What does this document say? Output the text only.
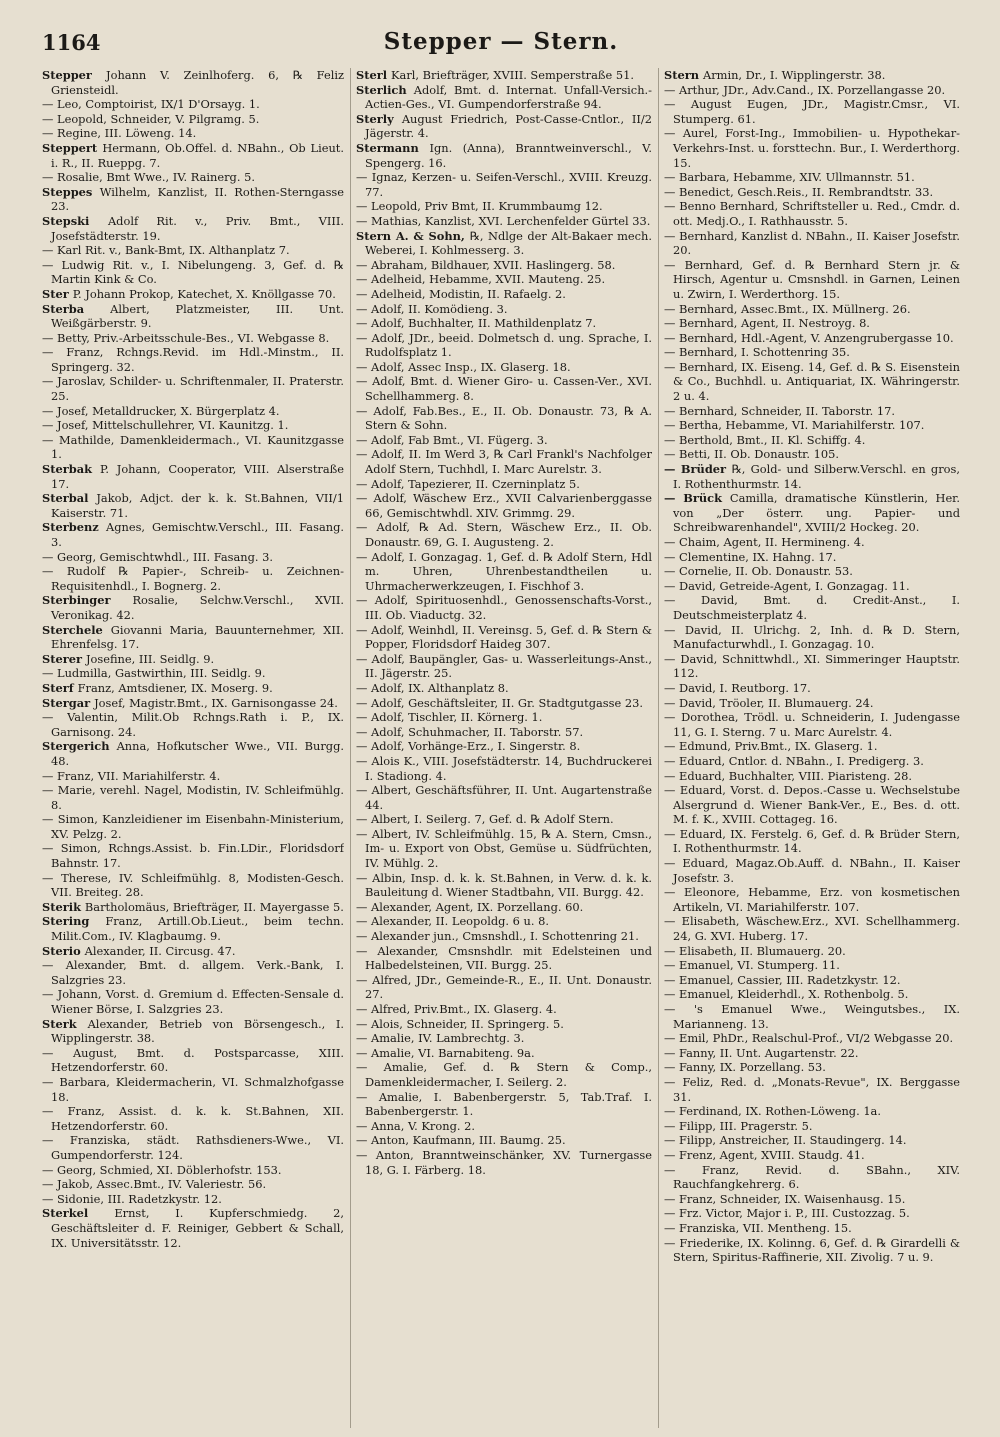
1164	Stepper — Stern.
Stepper Johann V. Zeinlhoferg. 6, ℞ Feliz Griensteidl.
— Leo, Comptoirist, IX/1 D'Orsayg. 1.
— Leopold, Schneider, V. Pilgramg. 5.
— Regine, III. Löweng. 14.
Steppert Hermann, Ob.Offel. d. NBahn., Ob Lieut. i. R., II. Rueppg. 7.
— Rosalie, Bmt Wwe., IV. Rainerg. 5.
Steppes Wilhelm, Kanzlist, II. Rothen-Sterngasse 23.
Stepski Adolf Rit. v., Priv. Bmt., VIII. Josefstädterstr. 19.
— Karl Rit. v., Bank-Bmt, IX. Althanplatz 7.
— Ludwig Rit. v., I. Nibelungeng. 3, Gef. d. ℞ Martin Kink & Co.
Ster P. Johann Prokop, Katechet, X. Knöllgasse 70.
Sterba Albert, Platzmeister, III. Unt. Weißgärberstr. 9.
— Betty, Priv.-Arbeitsschule-Bes., VI. Webgasse 8.
— Franz, Rchngs.Revid. im Hdl.-Minstm., II. Springerg. 32.
— Jaroslav, Schilder- u. Schriftenmaler, II. Praterstr. 25.
— Josef, Metalldrucker, X. Bürgerplatz 4.
— Josef, Mittelschullehrer, VI. Kaunitzg. 1.
— Mathilde, Damenkleidermach., VI. Kaunitzgasse 1.
Sterbak P. Johann, Cooperator, VIII. Alserstraße 17.
Sterbal Jakob, Adjct. der k. k. St.Bahnen, VII/1 Kaiserstr. 71.
Sterbenz Agnes, Gemischtw.Verschl., III. Fasang. 3.
— Georg, Gemischtwhdl., III. Fasang. 3.
— Rudolf ℞ Papier-, Schreib- u. Zeichnen-Requisitenhdl., I. Bognerg. 2.
Sterbinger Rosalie, Selchw.Verschl., XVII. Veronikag. 42.
Sterchele Giovanni Maria, Bauunternehmer, XII. Ehrenfelsg. 17.
Sterer Josefine, III. Seidlg. 9.
— Ludmilla, Gastwirthin, III. Seidlg. 9.
Sterf Franz, Amtsdiener, IX. Moserg. 9.
Stergar Josef, Magistr.Bmt., IX. Garnisongasse 24.
— Valentin, Milit.Ob Rchngs.Rath i. P., IX. Garnisong. 24.
Stergerich Anna, Hofkutscher Wwe., VII. Burgg. 48.
— Franz, VII. Mariahilferstr. 4.
— Marie, verehl. Nagel, Modistin, IV. Schleifmühlg. 8.
— Simon, Kanzleidiener im Eisenbahn-Ministerium, XV. Pelzg. 2.
— Simon, Rchngs.Assist. b. Fin.LDir., Floridsdorf Bahnstr. 17.
— Therese, IV. Schleifmühlg. 8, Modisten-Gesch. VII. Breiteg. 28.
Sterik Bartholomäus, Briefträger, II. Mayergasse 5.
Stering Franz, Artill.Ob.Lieut., beim techn. Milit.Com., IV. Klagbaumg. 9.
Sterio Alexander, II. Circusg. 47.
— Alexander, Bmt. d. allgem. Verk.-Bank, I. Salzgries 23.
— Johann, Vorst. d. Gremium d. Effecten-Sensale d. Wiener Börse, I. Salzgries 23.
Sterk Alexander, Betrieb von Börsengesch., I. Wipplingerstr. 38.
— August, Bmt. d. Postsparcasse, XIII. Hetzendorferstr. 60.
— Barbara, Kleidermacherin, VI. Schmalzhofgasse 18.
— Franz, Assist. d. k. k. St.Bahnen, XII. Hetzendorferstr. 60.
— Franziska, städt. Rathsdieners-Wwe., VI. Gumpendorferstr. 124.
— Georg, Schmied, XI. Döblerhofstr. 153.
— Jakob, Assec.Bmt., IV. Valeriestr. 56.
— Sidonie, III. Radetzkystr. 12.
Sterkel Ernst, I. Kupferschmiedg. 2, Geschäftsleiter d. F. Reiniger, Gebbert & Schall, IX. Universitätsstr. 12.
Sterl Karl, Briefträger, XVIII. Semperstraße 51.
Sterlich Adolf, Bmt. d. Internat. Unfall-Versich.-Actien-Ges., VI. Gumpendorferstraße 94.
Sterly August Friedrich, Post-Casse-Cntlor., II/2 Jägerstr. 4.
Stermann Ign. (Anna), Branntweinverschl., V. Spengerg. 16.
— Ignaz, Kerzen- u. Seifen-Verschl., XVIII. Kreuzg. 77.
— Leopold, Priv Bmt, II. Krummbaumg 12.
— Mathias, Kanzlist, XVI. Lerchenfelder Gürtel 33.
Stern A. & Sohn, ℞, Ndlge der Alt-Bakaer mech. Weberei, I. Kohlmesserg. 3.
— Abraham, Bildhauer, XVII. Haslingerg. 58.
— Adelheid, Hebamme, XVII. Mauteng. 25.
— Adelheid, Modistin, II. Rafaelg. 2.
— Adolf, II. Komödieng. 3.
— Adolf, Buchhalter, II. Mathildenplatz 7.
— Adolf, JDr., beeid. Dolmetsch d. ung. Sprache, I. Rudolfsplatz 1.
— Adolf, Assec Insp., IX. Glaserg. 18.
— Adolf, Bmt. d. Wiener Giro- u. Cassen-Ver., XVI. Schellhammerg. 8.
— Adolf, Fab.Bes., E., II. Ob. Donaustr. 73, ℞ A. Stern & Sohn.
— Adolf, Fab Bmt., VI. Fügerg. 3.
— Adolf, II. Im Werd 3, ℞ Carl Frankl's Nachfolger Adolf Stern, Tuchhdl, I. Marc Aurelstr. 3.
— Adolf, Tapezierer, II. Czerninplatz 5.
— Adolf, Wäschew Erz., XVII Calvarienberggasse 66, Gemischtwhdl. XIV. Grimmg. 29.
— Adolf, ℞ Ad. Stern, Wäschew Erz., II. Ob. Donaustr. 69, G. I. Augusteng. 2.
— Adolf, I. Gonzagag. 1, Gef. d. ℞ Adolf Stern, Hdl m. Uhren, Uhrenbestandtheilen u. Uhrmacherwerkzeugen, I. Fischhof 3.
— Adolf, Spirituosenhdl., Genossenschafts-Vorst., III. Ob. Viaductg. 32.
— Adolf, Weinhdl, II. Vereinsg. 5, Gef. d. ℞ Stern & Popper, Floridsdorf Haideg 307.
— Adolf, Baupängler, Gas- u. Wasserleitungs-Anst., II. Jägerstr. 25.
— Adolf, IX. Althanplatz 8.
— Adolf, Geschäftsleiter, II. Gr. Stadtgutgasse 23.
— Adolf, Tischler, II. Körnerg. 1.
— Adolf, Schuhmacher, II. Taborstr. 57.
— Adolf, Vorhänge-Erz., I. Singerstr. 8.
— Alois K., VIII. Josefstädterstr. 14, Buchdruckerei I. Stadiong. 4.
— Albert, Geschäftsführer, II. Unt. Augartenstraße 44.
— Albert, I. Seilerg. 7, Gef. d. ℞ Adolf Stern.
— Albert, IV. Schleifmühlg. 15, ℞ A. Stern, Cmsn., Im- u. Export von Obst, Gemüse u. Südfrüchten, IV. Mühlg. 2.
— Albin, Insp. d. k. k. St.Bahnen, in Verw. d. k. k. Bauleitung d. Wiener Stadtbahn, VII. Burgg. 42.
— Alexander, Agent, IX. Porzellang. 60.
— Alexander, II. Leopoldg. 6 u. 8.
— Alexander jun., Cmsnshdl., I. Schottenring 21.
— Alexander, Cmsnshdlr. mit Edelsteinen und Halbedelsteinen, VII. Burgg. 25.
— Alfred, JDr., Gemeinde-R., E., II. Unt. Donaustr. 27.
— Alfred, Priv.Bmt., IX. Glaserg. 4.
— Alois, Schneider, II. Springerg. 5.
— Amalie, IV. Lambrechtg. 3.
— Amalie, VI. Barnabiteng. 9a.
— Amalie, Gef. d. ℞ Stern & Comp., Damenkleidermacher, I. Seilerg. 2.
— Amalie, I. Babenbergerstr. 5, Tab.Traf. I. Babenbergerstr. 1.
— Anna, V. Krong. 2.
— Anton, Kaufmann, III. Baumg. 25.
— Anton, Branntweinschänker, XV. Turnergasse 18, G. I. Färberg. 18.
Stern Armin, Dr., I. Wipplingerstr. 38.
— Arthur, JDr., Adv.Cand., IX. Porzellangasse 20.
— August Eugen, JDr., Magistr.Cmsr., VI. Stumperg. 61.
— Aurel, Forst-Ing., Immobilien- u. Hypothekar-Verkehrs-Inst. u. forsttechn. Bur., I. Werderthorg. 15.
— Barbara, Hebamme, XIV. Ullmannstr. 51.
— Benedict, Gesch.Reis., II. Rembrandtstr. 33.
— Benno Bernhard, Schriftsteller u. Red., Cmdr. d. ott. Medj.O., I. Rathhausstr. 5.
— Bernhard, Kanzlist d. NBahn., II. Kaiser Josefstr. 20.
— Bernhard, Gef. d. ℞ Bernhard Stern jr. & Hirsch, Agentur u. Cmsnshdl. in Garnen, Leinen u. Zwirn, I. Werderthorg. 15.
— Bernhard, Assec.Bmt., IX. Müllnerg. 26.
— Bernhard, Agent, II. Nestroyg. 8.
— Bernhard, Hdl.-Agent, V. Anzengrubergasse 10.
— Bernhard, I. Schottenring 35.
— Bernhard, IX. Eiseng. 14, Gef. d. ℞ S. Eisenstein & Co., Buchhdl. u. Antiquariat, IX. Währingerstr. 2 u. 4.
— Bernhard, Schneider, II. Taborstr. 17.
— Bertha, Hebamme, VI. Mariahilferstr. 107.
— Berthold, Bmt., II. Kl. Schiffg. 4.
— Betti, II. Ob. Donaustr. 105.
— Brüder ℞, Gold- und Silberw.Verschl. en gros, I. Rothenthurmstr. 14.
— Brück Camilla, dramatische Künstlerin, Her. von „Der österr. ung. Papier- und Schreibwarenhandel", XVIII/2 Hockeg. 20.
— Chaim, Agent, II. Hermineng. 4.
— Clementine, IX. Hahng. 17.
— Cornelie, II. Ob. Donaustr. 53.
— David, Getreide-Agent, I. Gonzagag. 11.
— David, Bmt. d. Credit-Anst., I. Deutschmeisterplatz 4.
— David, II. Ulrichg. 2, Inh. d. ℞ D. Stern, Manufacturwhdl., I. Gonzagag. 10.
— David, Schnittwhdl., XI. Simmeringer Hauptstr. 112.
— David, I. Reutborg. 17.
— David, Tröoler, II. Blumauerg. 24.
— Dorothea, Trödl. u. Schneiderin, I. Judengasse 11, G. I. Sterng. 7 u. Marc Aurelstr. 4.
— Edmund, Priv.Bmt., IX. Glaserg. 1.
— Eduard, Cntlor. d. NBahn., I. Predigerg. 3.
— Eduard, Buchhalter, VIII. Piaristeng. 28.
— Eduard, Vorst. d. Depos.-Casse u. Wechselstube Alsergrund d. Wiener Bank-Ver., E., Bes. d. ott. M. f. K., XVIII. Cottageg. 16.
— Eduard, IX. Ferstelg. 6, Gef. d. ℞ Brüder Stern, I. Rothenthurmstr. 14.
— Eduard, Magaz.Ob.Auff. d. NBahn., II. Kaiser Josefstr. 3.
— Eleonore, Hebamme, Erz. von kosmetischen Artikeln, VI. Mariahilferstr. 107.
— Elisabeth, Wäschew.Erz., XVI. Schellhammerg. 24, G. XVI. Huberg. 17.
— Elisabeth, II. Blumauerg. 20.
— Emanuel, VI. Stumperg. 11.
— Emanuel, Cassier, III. Radetzkystr. 12.
— Emanuel, Kleiderhdl., X. Rothenbolg. 5.
— 's Emanuel Wwe., Weingutsbes., IX. Marianneng. 13.
— Emil, PhDr., Realschul-Prof., VI/2 Webgasse 20.
— Fanny, II. Unt. Augartenstr. 22.
— Fanny, IX. Porzellang. 53.
— Feliz, Red. d. „Monats-Revue", IX. Berggasse 31.
— Ferdinand, IX. Rothen-Löweng. 1a.
— Filipp, III. Pragerstr. 5.
— Filipp, Anstreicher, II. Staudingerg. 14.
— Frenz, Agent, XVIII. Staudg. 41.
— Franz, Revid. d. SBahn., XIV. Rauchfangkehrerg. 6.
— Franz, Schneider, IX. Waisenhausg. 15.
— Frz. Victor, Major i. P., III. Custozzag. 5.
— Franziska, VII. Mentheng. 15.
— Friederike, IX. Kolinng. 6, Gef. d. ℞ Girardelli & Stern, Spiritus-Raffinerie, XII. Zivolig. 7 u. 9.
